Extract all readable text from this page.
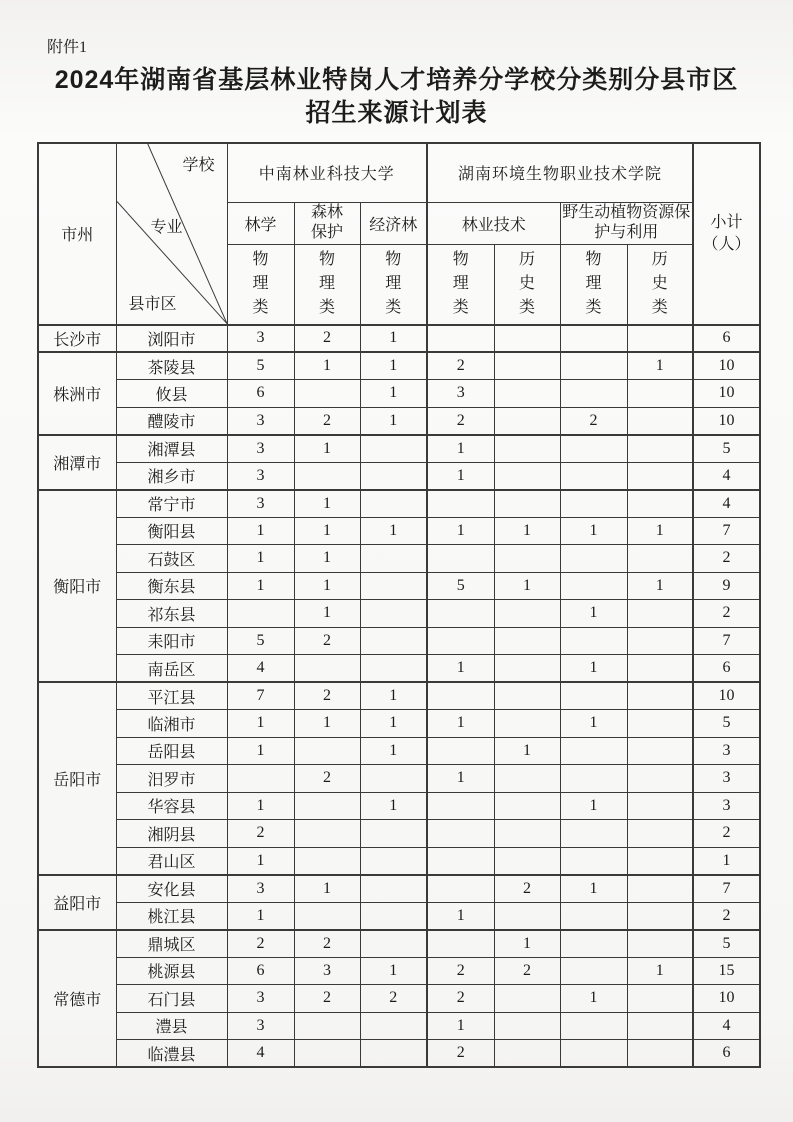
附件1
2024年湖南省基层林业特岗人才培养分学校分类别分县市区
招生来源计划表
市州	学校
专业
县市区	中南林业科技大学			湖南环境生物职业技术学院				小计
（人）

		林学	森林保护	经济林	林业技术		野生动植物资源保护与利用		
		物理类	物理类	物理类	物理类	历史类	物理类	历史类	
长沙市	浏阳市	3	2	1					6
株洲市	茶陵县	5	1	1	2			1	10
	攸县	6		1	3				10
	醴陵市	3	2	1	2		2		10
湘潭市	湘潭县	3	1		1				5
	湘乡市	3			1				4
衡阳市	常宁市	3	1						4
	衡阳县	1	1	1	1	1	1	1	7
	石鼓区	1	1						2
	衡东县	1	1		5	1		1	9
	祁东县		1				1		2
	耒阳市	5	2						7
	南岳区	4			1		1		6
岳阳市	平江县	7	2	1					10
	临湘市	1	1	1	1		1		5
	岳阳县	1		1		1			3
	汨罗市		2		1				3
	华容县	1		1			1		3
	湘阴县	2							2
	君山区	1							1
益阳市	安化县	3	1			2	1		7
	桃江县	1			1				2
常德市	鼎城区	2	2			1			5
	桃源县	6	3	1	2	2		1	15
	石门县	3	2	2	2		1		10
	澧县	3			1				4
	临澧县	4			2				6
